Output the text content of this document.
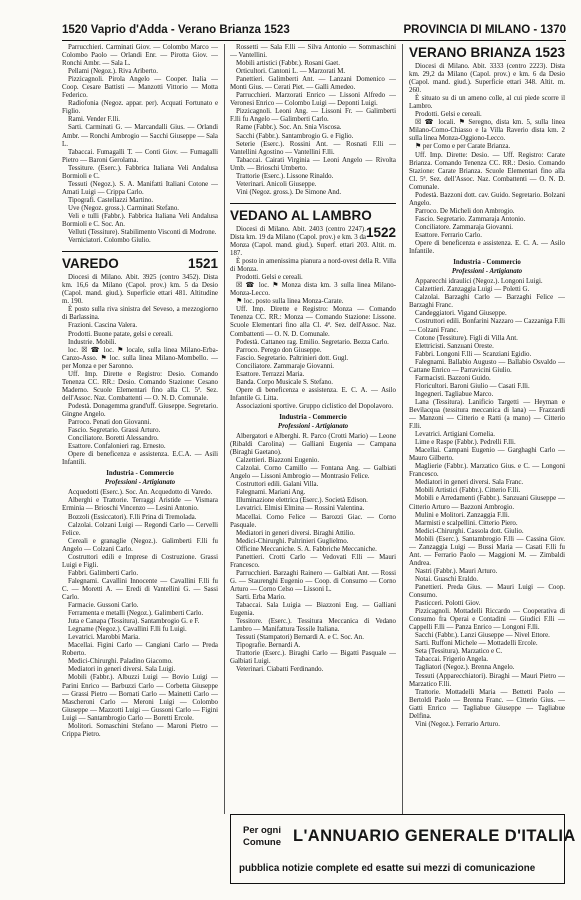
1520 Vaprio d'Adda - Verano Brianza 1523	PROVINCIA DI MILANO - 1370

Parrucchieri. Carminati Giov. — Colombo Marco — Colombo Paolo — Orlandi Enr. — Pirotta Giov. — Ronchi Ambr. — Sala L.

Pellami (Negoz.). Riva Ariberto.

Pizzicagnoli. Pirola Angelo — Cooper. Italia — Coop. Cesare Battisti — Manzotti Vittorio — Motta Federico.

Radiofonia (Negoz. appar. per). Acquati Fortunato e Figlio.

Rami. Vender F.lli.

Sarti. Carminati G. — Marcandalli Gius. — Orlandi Ambr. — Ronchi Ambrogio — Sacchi Giuseppe — Sala L.

Tabaccai. Fumagalli T. — Conti Giov. — Fumagalli Pietro — Baroni Gerolama.

Tessiture. (Eserc.). Fabbrica Italiana Veli Andalusa Bormioli e C.

Tessuti (Negoz.). S. A. Manifatti Italiani Cotone — Amati Luigi — Crippa Carlo.

Tipografi. Castellazzi Martino.

Uve (Negoz. gross.). Carminati Stefano.

Veli e tulli (Fabbr.). Fabbrica Italiana Veli Andalusa Bormioli e C. Soc. An.

Velluti (Tessiture). Stabilimento Visconti di Modrone.

Verniciatori. Colombo Giulio.

VAREDO	1521

Diocesi di Milano. Abit. 3925 (centro 3452). Dista km. 16,6 da Milano (Capol. prov.) km. 5 da Desio (Capol. mand. giud.). Superficie ettari 481. Altitudine m. 190.

È posto sulla riva sinistra del Seveso, a mezzogiorno di Barlassina.

Frazioni. Cascina Valera.

Prodotti. Buone patate, gelsi e cereali.

Industrie. Mobili.

loc. ☒ ☎ loc. ⚑ locale, sulla linea Milano-Erba-Canzo-Asso. ⚑ loc. sulla linea Milano-Mombello. — per Monza e per Saronno.

Uff. Imp. Dirette e Registro: Desio. Comando Tenenza CC. RR.: Desio. Comando Stazione: Cesano Maderno. Scuole Elementari fino alla Cl. 5ª. Sez. dell'Assoc. Naz. Combattenti — O. N. D. Comunale.

Podestà. Donagemma grand'uff. Giuseppe. Segretario. Gingne Angelo.

Parroco. Penati don Giovanni.

Fascio. Segretario. Grassi Arturo.

Conciliatore. Boretti Alessandro.

Esattore. Confalonieri rag. Ernesto.

Opere di beneficenza e assistenza. E.C.A. — Asili Infantili.

Industria - Commercio
Professioni - Artigianato

Acquedotti (Eserc.). Soc. An. Acquedotto di Varedo.

Alberghi e Trattorie. Terraggi Aristide — Vismara Erminia — Brioschi Vincenzo — Lesini Antonio.

Bozzoli (Essiccatori). F.lli Prina di Tremolada.

Calzolai. Colzani Luigi — Regondi Carlo — Cervelli Felice.

Cereali e granaglie (Negoz.). Galimberti F.lli fu Angelo — Colzani Carlo.

Costruttori edili e Imprese di Costruzione. Grassi Luigi e Figli.

Fabbri. Galimberti Carlo.

Falegnami. Cavallini Innocente — Cavallini F.lli fu C. — Moretti A. — Eredi di Vantellini G. — Sassi Carlo.

Farmacie. Gussoni Carlo.

Ferramenta e metalli (Negoz.). Galimberti Carlo.

Juta e Canapa (Tessitura). Santambrogio G. e F.

Legname (Negoz.). Cavallini F.lli fu Luigi.

Levatrici. Marobbi Maria.

Macellai. Figini Carlo — Cangiani Carlo — Preda Roberto.

Medici-Chirurghi. Paladino Giacomo.

Mediatori in generi diversi. Sala Luigi.

Mobili (Fabbr.). Albuzzi Luigi — Bovio Luigi — Parini Enrico — Barbuzzi Carlo — Corbetta Giuseppe — Grassi Pietro — Bornati Carlo — Mainetti Carlo — Mascheroni Carlo — Meroni Luigi — Colombo Giuseppe — Mazzotti Luigi — Gussoni Carlo — Figini Luigi — Santambrogio Carlo — Boretti Ercole.

Molitori. Somaschini Stefano — Maroni Pietro — Crippa Pietro.

Rossetti — Sala F.lli — Silva Antonio — Sommaschini — Vantellini.

Mobili artistici (Fabbr.). Rosani Gaet.

Orticultori. Cantoni L. — Marzorati M.

Panettieri. Galimberti Ant. — Lanzani Domenico — Monti Gius. — Cerati Piet. — Galli Amedeo.

Parrucchieri. Marzorati Enrico — Lissoni Alfredo — Veronesi Enrico — Colombo Luigi — Deponti Luigi.

Pizzicagnoli. Leoni Ang. — Lissoni Fr. — Galimberti F.lli fu Angelo — Galimberti Carlo.

Rame (Fabbr.). Soc. An. Snia Viscosa.

Sacchi (Fabbr.). Santambrogio G. e Figlio.

Seterie (Eserc.). Rossini Ant. — Rosnati F.lli — Vantellini Agostino — Vantellini F.lli.

Tabaccai. Cairati Virginia — Leoni Angelo — Rivolta Umb. — Brioschi Umberto.

Trattorie (Eserc.). Lissone Rinaldo.

Veterinari. Anicoli Giuseppe.

Vini (Negoz. gross.). De Simone And.

VEDANO AL LAMBRO
1522

Diocesi di Milano. Abit. 2403 (centro 2247). Dista km. 19 da Milano (Capol. prov.) e km. 3 da Monza (Capol. mand. giud.). Superf. ettari 203. Altit. m. 187.

È posto in amenissima pianura a nord-ovest della R. Villa di Monza.

Prodotti. Gelsi e cereali.

☒ ☎ loc. ⚑ Monza dista km. 3 sulla linea Milano-Monza-Lecco.

⚑ loc. posto sulla linea Monza-Carate.

Uff. Imp. Dirette e Registro: Monza — Comando Tenenza CC. RR.: Monza — Comando Stazione: Lissone. Scuole Elementari fino alla Cl. 4ª. Sez. dell'Assoc. Naz. Combattenti — O. N. D. Comunale.

Podestà. Cattaneo rag. Emilio. Segretario. Bezza Carlo.

Parroco. Perego don Giuseppe.

Fascio. Segretario. Paltrinieri dott. Gugl.

Conciliatore. Zammaraje Giovanni.

Esattore. Terrazzi Maria.

Banda. Corpo Musicale S. Stefano.

Opere di beneficenza e assistenza. E. C. A. — Asilo Infantile G. Litta.

Associazioni sportive. Gruppo ciclistico del Dopolavoro.

Industria - Commercio
Professioni - Artigianato

Albergatori e Alberghi. R. Parco (Crotti Mario) — Leone (Ribaldi Carolina) — Galliani Eugenia — Campana (Biraghi Gaetano).

Calzettieri. Biazzoni Eugenio.

Calzolai. Corno Camillo — Fontana Ang. — Galbiati Angelo — Lissoni Ambrogio — Montrasio Felice.

Costruttori edili. Galani Villa.

Falegnami. Mariani Ang.

Illuminazione elettrica (Eserc.). Società Edison.

Levatrici. Elmisi Elmina — Rossini Valentina.

Macellai. Corno Felice — Barozzi Giac. — Corno Pasquale.

Mediatori in generi diversi. Biraghi Attilio.

Medici-Chirurghi. Paltrinieri Guglielmo.

Officine Meccaniche. S. A. Fabbriche Meccaniche.

Panettieri. Crotti Carlo — Vedovati F.lli — Mauri Francesco.

Parrucchieri. Barzaghi Rainero — Galbiati Ant. — Rossi G. — Staurenghi Eugenio — Coop. di Consumo — Corno Arturo — Corno Celso — Lissoni L.

Sarti. Erba Mario.

Tabaccai. Sala Luigia — Biazzoni Eug. — Galliani Eugenia.

Tessitore. (Eserc.). Tessitura Meccanica di Vedano Lambro — Manifattura Tessile Italiana.

Tessuti (Stampatori) Bernardi A. e C. Soc. An.

Tipografie. Bernardi A.

Trattorie (Eserc.). Biraghi Carlo — Bigatti Pasquale — Galbiati Luigi.

Veterinari. Ciabatti Ferdinando.

VERANO BRIANZA 1523

Diocesi di Milano. Abit. 3333 (centro 2223). Dista km. 29,2 da Milano (Capol. prov.) e km. 6 da Desio (Capol. mand. giud.). Superficie ettari 348. Altit. m. 260.

È situato su di un ameno colle, al cui piede scorre il Lambro.

Prodotti. Gelsi e cereali.

☒ ☎ locali. ⚑ Seregno, dista km. 5, sulla linea Milano-Como-Chiasso e la Villa Raverio dista km. 2 sulla linea Monza-Oggiono-Lecco.

⚑ per Como e per Carate Brianza.

Uff. Imp. Dirette: Desio. — Uff. Registro: Carate Brianza. Comando Tenenza CC. RR.: Desio. Comando Stazione: Carate Brianza. Scuole Elementari fino alla Cl. 5ª. Sez. dell'Assoc. Naz. Combattenti — O. N. D. Comunale.

Podestà. Bazzoni dott. cav. Guido. Segretario. Bolzani Angelo.

Parroco. De Micheli don Ambrogio.

Fascio. Segretario. Zammaraja Antonio.

Conciliatore. Zammaraja Giovanni.

Esattore. Ferrario Carlo.

Opere di beneficenza e assistenza. E. C. A. — Asilo Infantile.

Industria - Commercio
Professioni - Artigianato

Apparecchi idraulici (Negoz.). Longoni Luigi.

Calzettieri. Zanzaggia Luigi — Poletti G.

Calzolai. Barzaghi Carlo — Barzaghi Felice — Barzaghi Franc.

Candeggiatori. Vigand Giuseppe.

Costruttori edili. Bonfarini Nazzaro — Cazzaniga F.lli — Colzani Franc.

Cotone (Tessiture). Figli di Villa Ant.

Elettricisti. Sanzuani Oreste.

Fabbri. Longoni F.lli — Scanziani Egidio.

Falegnami. Ballabio Augusto — Ballabio Osvaldo — Cattane Enrico — Parravicini Giulio.

Farmacisti. Bazzoni Guido.

Floricultori. Baroni Giulio — Casati F.lli.

Ingegneri. Tagliabue Marco.

Lana (Tessitura). Lanificio Targetti — Heyman e Bevilacqua (tessitura meccanica di lana) — Frazzardi — Manzoni — Citterio e Ratti (a mano) — Citterio F.lli.

Levatrici. Artigiani Cornelia.

Lime e Raspe (Fabbr.). Pedrelli F.lli.

Macellai. Campani Eugenio — Garghaghi Carlo — Mauro Gilberto.

Maglierie (Fabbr.). Marzatico Gius. e C. — Longoni Francesco.

Mediatori in generi diversi. Sala Franc.

Mobili Artistici (Fabbr.). Citterio F.lli.

Mobili e Arredamenti (Fabbr.). Sanzuani Giuseppe — Citterio Arturo — Bazzoni Ambrogio.

Mulini e Molitori. Zanzaggia F.lli.

Marmisti e scalpellini. Citterio Piero.

Medici-Chirurghi. Cassola dott. Giulio.

Mobili (Eserc.). Santambrogio F.lli — Cassina Giov. — Zanzaggia Luigi — Bussi Maria — Casati F.lli fu Ant. — Ferrario Paolo — Maggioni M. — Zimbaldi Andrea.

Nastri (Fabbr.). Mauri Arturo.

Notai. Guaschi Eraldo.

Panettieri. Preda Gius. — Mauri Luigi — Coop. Consumo.

Pasticceri. Polotti Giov.

Pizzicagnoli. Mottadelli Riccardo — Cooperativa di Consumo fra Operai e Contadini — Giudici F.lli — Cappelli F.lli — Panza Enrico — Longoni F.lli.

Sacchi (Fabbr.). Lanzi Giuseppe — Nivel Ettore.

Sarti. Ruffoni Michele — Mottadelli Ercole.

Seta (Tessitura). Marzatico e C.

Tabaccai. Frigerio Angela.

Tagliatori (Negoz.). Brenna Angelo.

Tessuti (Apparecchiatori). Biraghi — Mauri Pietro — Marzatico F.lli.

Trattorie. Mottadelli Maria — Bettetti Paolo — Bertoldi Paolo — Brenna Franc. — Citterio Gius. — Gatti Enrico — Tagliabue Giuseppe — Tagliabue Delfina.

Vini (Negoz.). Ferrario Arturo.

Per ogni Comune L'ANNUARIO GENERALE D'ITALIA
pubblica notizie complete ed esatte sui mezzi di comunicazione
